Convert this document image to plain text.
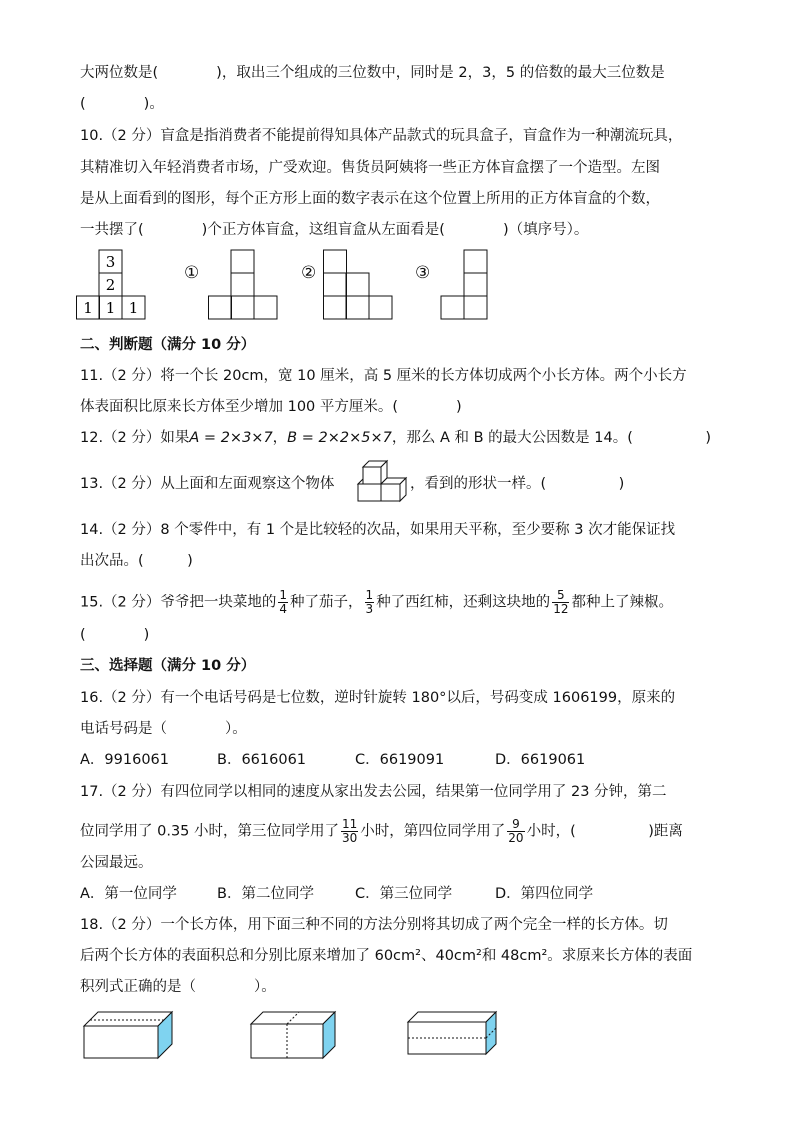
大两位数是(　　　　)，取出三个组成的三位数中，同时是 2，3，5 的倍数的最大三位数是
(　　　　)。
10.（2 分）盲盒是指消费者不能提前得知具体产品款式的玩具盒子，盲盒作为一种潮流玩具，
其精准切入年轻消费者市场，广受欢迎。售货员阿姨将一些正方体盲盒摆了一个造型。左图
是从上面看到的图形，每个正方形上面的数字表示在这个位置上所用的正方体盲盒的个数，
一共摆了(　　　　)个正方体盲盒，这组盲盒从左面看是(　　　　)（填序号）。
3
2
1 1 1
①	②	③
二、判断题（满分 10 分）
11.（2 分）将一个长 20cm，宽 10 厘米，高 5 厘米的长方体切成两个小长方体。两个小长方
体表面积比原来长方体至少增加 100 平方厘米。(　　　　)
12.（2 分）如果A = 2×3×7，B = 2×2×5×7，那么 A 和 B 的最大公因数是 14。(　　　　　)
13.（2 分）从上面和左面观察这个物体	，看到的形状一样。(　　　　　)
14.（2 分）8 个零件中，有 1 个是比较轻的次品，如果用天平称，至少要称 3 次才能保证找
出次品。(　　　)
15.（2 分）爷爷把一块菜地的 $\frac{1}{4}$ 种了茄子， $\frac{1}{3}$ 种了西红柿，还剩这块地的 $\frac{5}{12}$ 都种上了辣椒。
(　　　　)
三、选择题（满分 10 分）
16.（2 分）有一个电话号码是七位数，逆时针旋转 180°以后，号码变成 1606199，原来的
电话号码是（　　　　）。
A．9916061	B．6616061	C．6619091	D．6619061
17.（2 分）有四位同学以相同的速度从家出发去公园，结果第一位同学用了 23 分钟，第二
位同学用了 0.35 小时，第三位同学用了 $\frac{11}{30}$ 小时，第四位同学用了 $\frac{9}{20}$ 小时，(　　　　　)距离
公园最远。
A．第一位同学	B．第二位同学	C．第三位同学	D．第四位同学
18.（2 分）一个长方体，用下面三种不同的方法分别将其切成了两个完全一样的长方体。切
后两个长方体的表面积总和分别比原来增加了 60cm²、40cm²和 48cm²。求原来长方体的表面
积列式正确的是（　　　　）。
